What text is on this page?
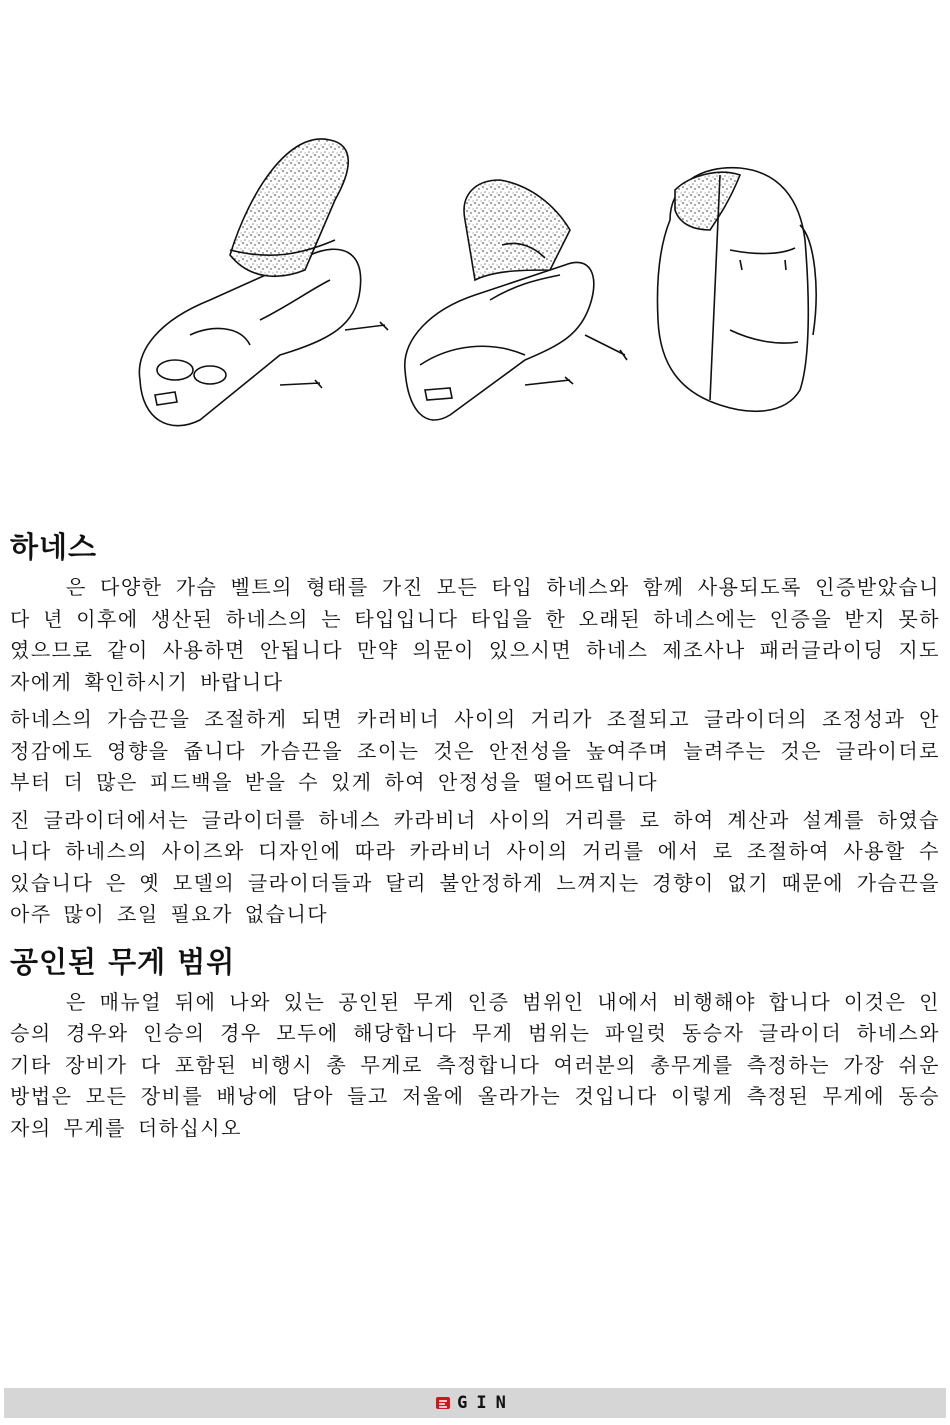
하네스

은 다양한 가슴 벨트의 형태를 가진 모든 타입 하네스와 함께 사용되도록 인증받았습니다 년 이후에 생산된 하네스의 는 타입입니다 타입을 한 오래된 하네스에는 인증을 받지 못하였으므로 같이 사용하면 안됩니다 만약 의문이 있으시면 하네스 제조사나 패러글라이딩 지도자에게 확인하시기 바랍니다

하네스의 가슴끈을 조절하게 되면 카러비너 사이의 거리가 조절되고 글라이더의 조정성과 안정감에도 영향을 줍니다 가슴끈을 조이는 것은 안전성을 높여주며 늘려주는 것은 글라이더로부터 더 많은 피드백을 받을 수 있게 하여 안정성을 떨어뜨립니다

진 글라이더에서는 글라이더를 하네스 카라비너 사이의 거리를 로 하여 계산과 설계를 하였습니다 하네스의 사이즈와 디자인에 따라 카라비너 사이의 거리를 에서 로 조절하여 사용할 수 있습니다 은 옛 모델의 글라이더들과 달리 불안정하게 느껴지는 경향이 없기 때문에 가슴끈을 아주 많이 조일 필요가 없습니다

공인된 무게 범위

은 매뉴얼 뒤에 나와 있는 공인된 무게 인증 범위인 내에서 비행해야 합니다 이것은 인승의 경우와 인승의 경우 모두에 해당합니다 무게 범위는 파일럿 동승자 글라이더 하네스와 기타 장비가 다 포함된 비행시 총 무게로 측정합니다 여러분의 총무게를 측정하는 가장 쉬운 방법은 모든 장비를 배낭에 담아 들고 저울에 올라가는 것입니다 이렇게 측정된 무게에 동승자의 무게를 더하십시오

GIN
